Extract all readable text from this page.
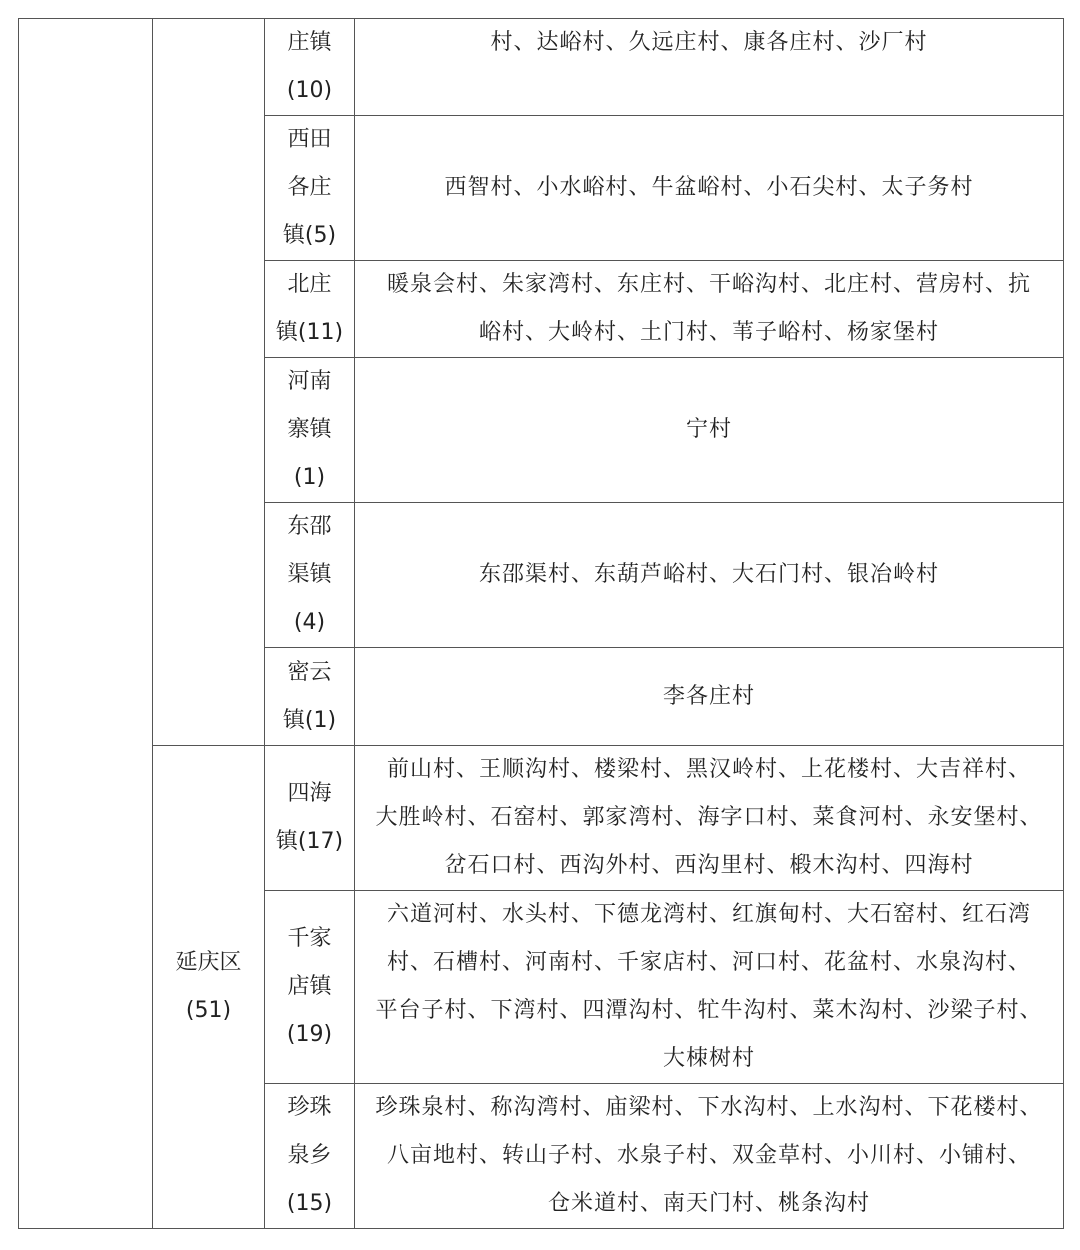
		庄镇
(10)	村、达峪村、久远庄村、康各庄村、沙厂村

		西田
各庄
镇(5)	西智村、小水峪村、牛盆峪村、小石尖村、太子务村

		北庄
镇(11)	暖泉会村、朱家湾村、东庄村、干峪沟村、北庄村、营房村、抗
峪村、大岭村、土门村、苇子峪村、杨家堡村

		河南
寨镇
(1)	宁村

		东邵
渠镇
(4)	东邵渠村、东葫芦峪村、大石门村、银冶岭村

		密云
镇(1)	李各庄村

	延庆区
(51)	四海
镇(17)	前山村、王顺沟村、楼梁村、黑汉岭村、上花楼村、大吉祥村、
大胜岭村、石窑村、郭家湾村、海字口村、菜食河村、永安堡村、
岔石口村、西沟外村、西沟里村、椴木沟村、四海村

		千家
店镇
(19)	六道河村、水头村、下德龙湾村、红旗甸村、大石窑村、红石湾
村、石槽村、河南村、千家店村、河口村、花盆村、水泉沟村、
平台子村、下湾村、四潭沟村、牤牛沟村、菜木沟村、沙梁子村、
大栜树村

		珍珠
泉乡
(15)	珍珠泉村、称沟湾村、庙梁村、下水沟村、上水沟村、下花楼村、
八亩地村、转山子村、水泉子村、双金草村、小川村、小铺村、
仓米道村、南天门村、桃条沟村
